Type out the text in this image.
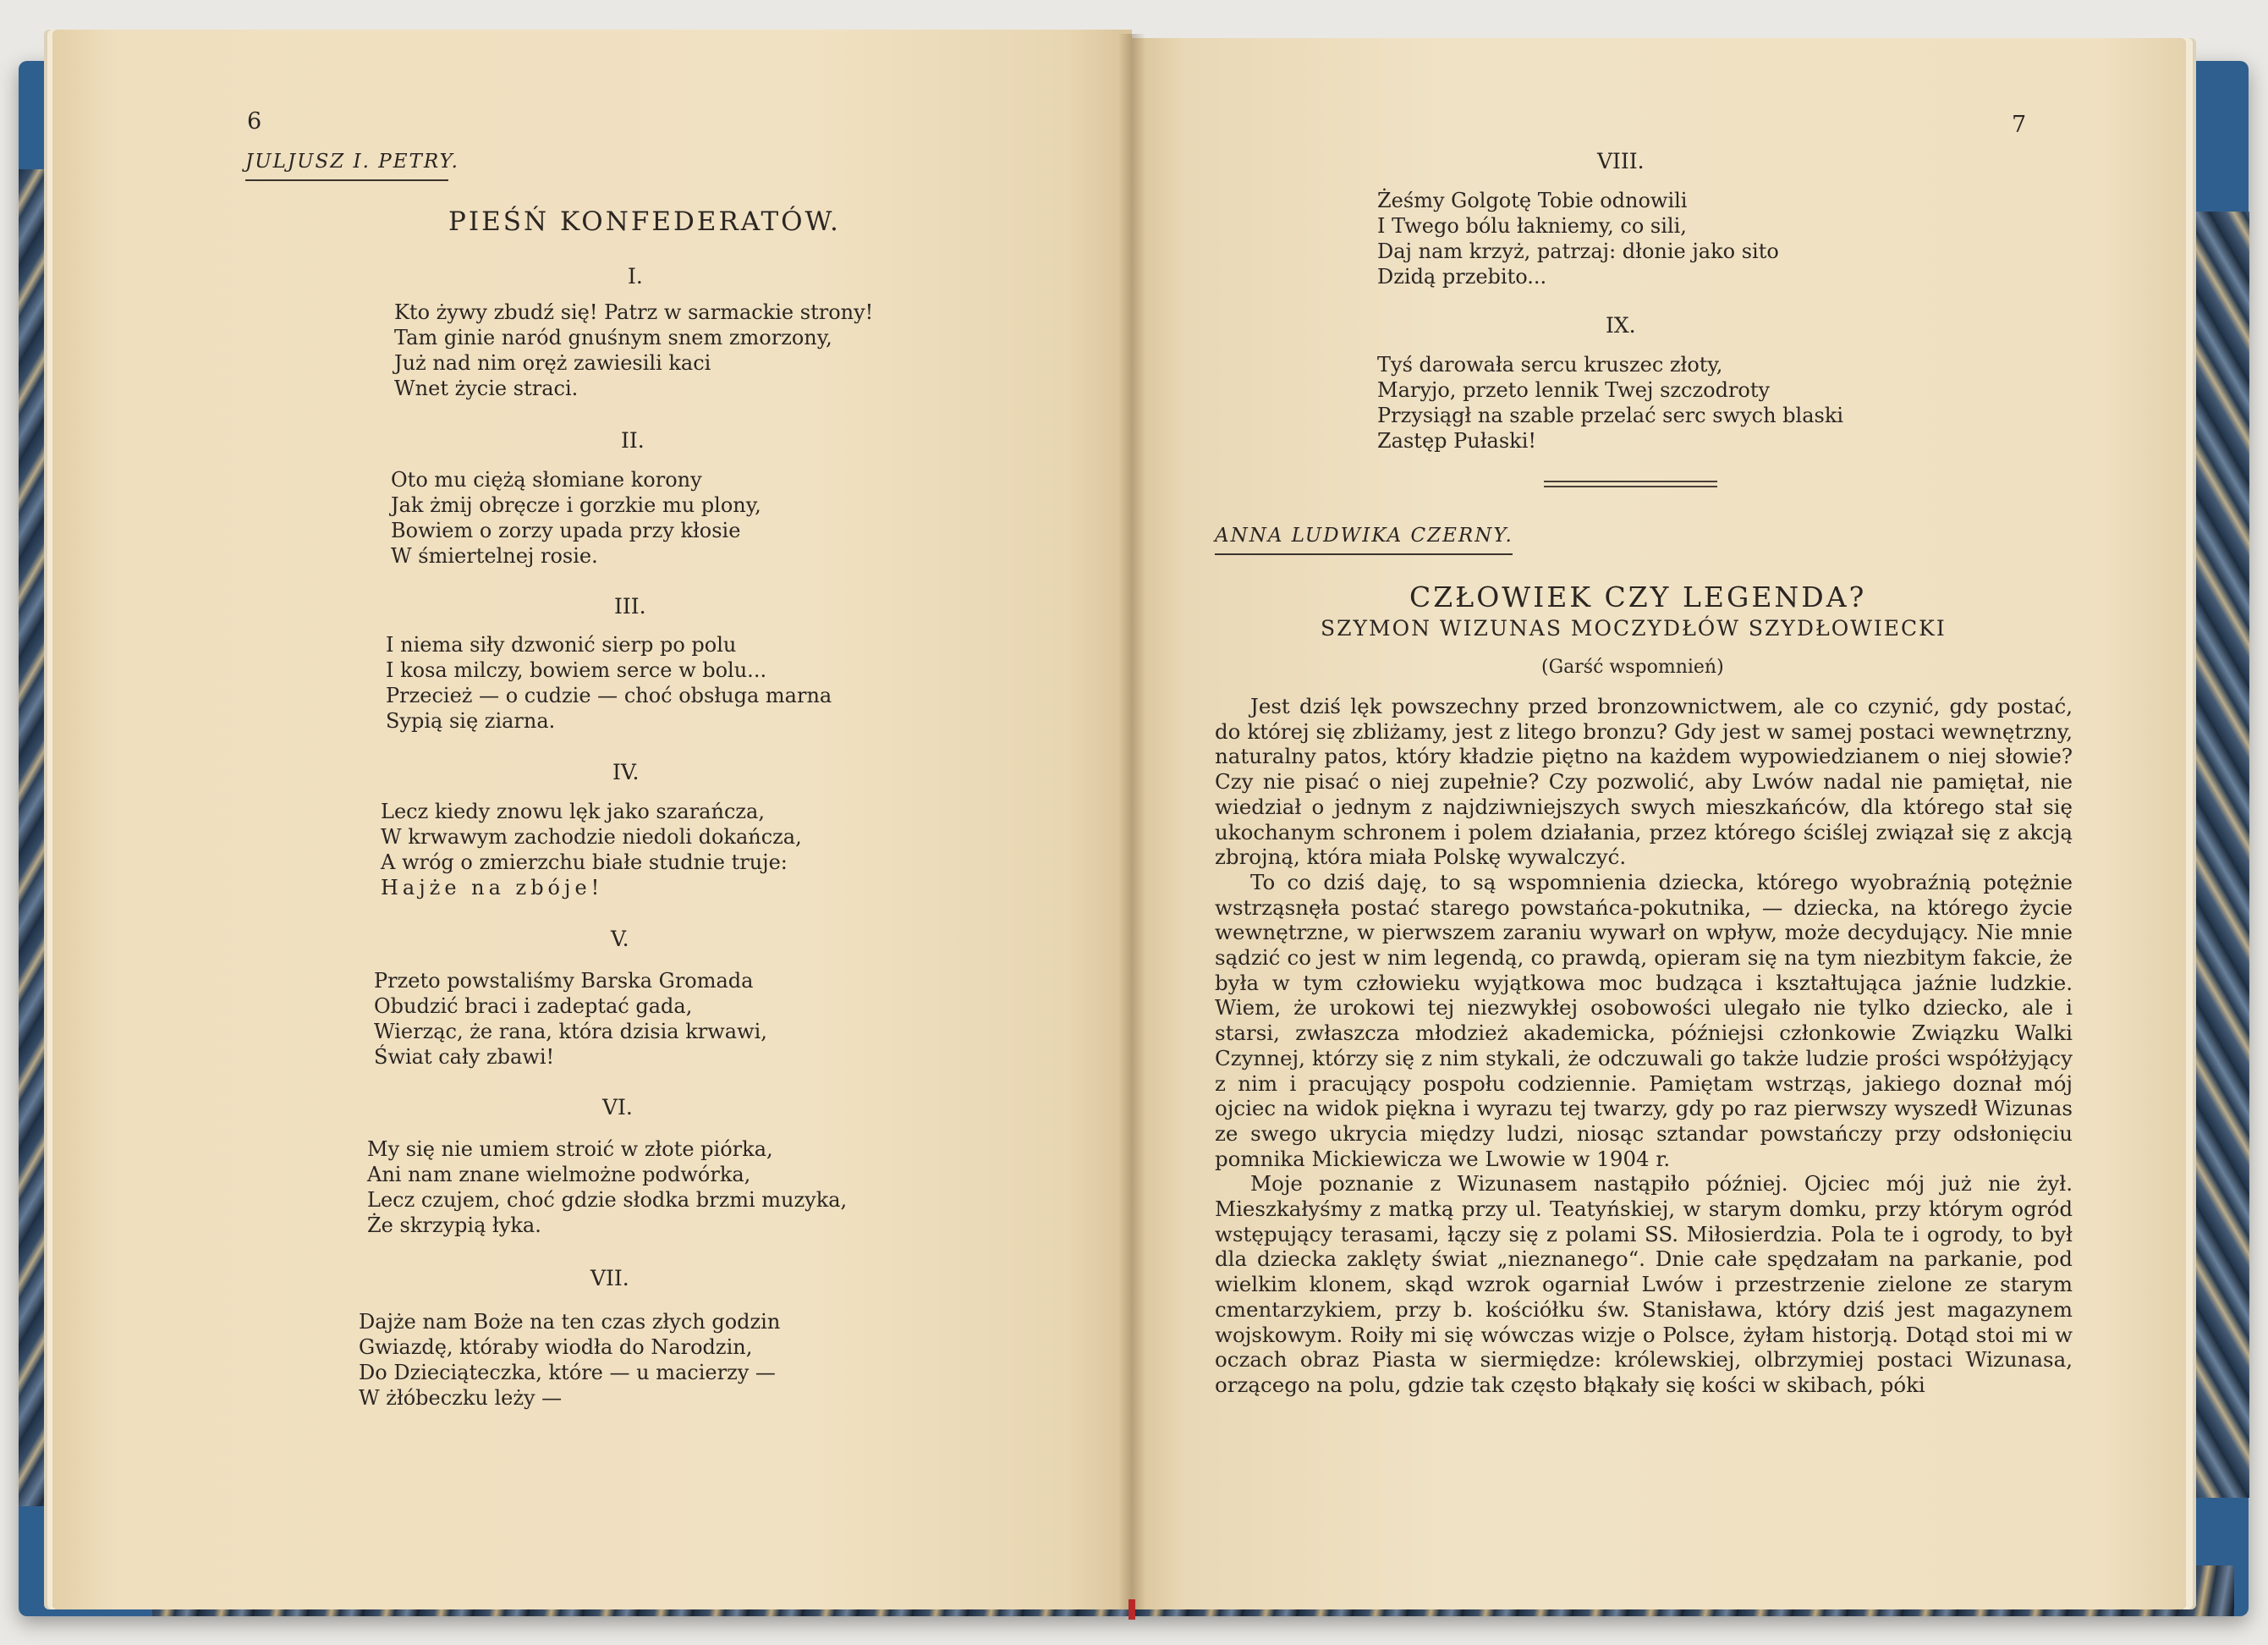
6
JULJUSZ I. PETRY.
PIEŚŃ KONFEDERATÓW.
I.
Kto żywy zbudź się! Patrz w sarmackie strony!
Tam ginie naród gnuśnym snem zmorzony,
Już nad nim oręż zawiesili kaci
Wnet życie straci.
II.
Oto mu ciężą słomiane korony
Jak żmij obręcze i gorzkie mu plony,
Bowiem o zorzy upada przy kłosie
W śmiertelnej rosie.
III.
I niema siły dzwonić sierp po polu
I kosa milczy, bowiem serce w bolu...
Przecież — o cudzie — choć obsługa marna
Sypią się ziarna.
IV.
Lecz kiedy znowu lęk jako szarańcza,
W krwawym zachodzie niedoli dokańcza,
A wróg o zmierzchu białe studnie truje:
Hajże na zbóje!
V.
Przeto powstaliśmy Barska Gromada
Obudzić braci i zadeptać gada,
Wierząc, że rana, która dzisia krwawi,
Świat cały zbawi!
VI.
My się nie umiem stroić w złote piórka,
Ani nam znane wielmożne podwórka,
Lecz czujem, choć gdzie słodka brzmi muzyka,
Że skrzypią łyka.
VII.
Dajże nam Boże na ten czas złych godzin
Gwiazdę, któraby wiodła do Narodzin,
Do Dzieciąteczka, które — u macierzy —
W żłóbeczku leży —
7
VIII.
Żeśmy Golgotę Tobie odnowili
I Twego bólu łakniemy, co sili,
Daj nam krzyż, patrzaj: dłonie jako sito
Dzidą przebito...
IX.
Tyś darowała sercu kruszec złoty,
Maryjo, przeto lennik Twej szczodroty
Przysiągł na szable przelać serc swych blaski
Zastęp Pułaski!
ANNA LUDWIKA CZERNY.
CZŁOWIEK CZY LEGENDA?
SZYMON WIZUNAS MOCZYDŁÓW SZYDŁOWIECKI
(Garść wspomnień)

Jest dziś lęk powszechny przed bronzownictwem, ale co czynić, gdy postać, do której się zbliżamy, jest z litego bronzu? Gdy jest w samej postaci wewnętrzny, naturalny patos, który kładzie piętno na każdem wypowiedzianem o niej słowie? Czy nie pisać o niej zupełnie? Czy pozwolić, aby Lwów nadal nie pamiętał, nie wiedział o jednym z najdziwniejszych swych mieszkańców, dla którego stał się ukochanym schronem i polem działania, przez którego ściślej związał się z akcją zbrojną, która miała Polskę wywalczyć.

To co dziś daję, to są wspomnienia dziecka, którego wyobraźnią potężnie wstrząsnęła postać starego powstańca-pokutnika, — dziecka, na którego życie wewnętrzne, w pierwszem zaraniu wywarł on wpływ, może decydujący. Nie mnie sądzić co jest w nim legendą, co prawdą, opieram się na tym niezbitym fakcie, że była w tym człowieku wyjątkowa moc budząca i kształtująca jaźnie ludzkie. Wiem, że urokowi tej niezwykłej osobowości ulegało nie tylko dziecko, ale i starsi, zwłaszcza młodzież akademicka, późniejsi członkowie Związku Walki Czynnej, którzy się z nim stykali, że odczuwali go także ludzie prości współżyjący z nim i pracujący pospołu codziennie. Pamiętam wstrząs, jakiego doznał mój ojciec na widok piękna i wyrazu tej twarzy, gdy po raz pierwszy wyszedł Wizunas ze swego ukrycia między ludzi, niosąc sztandar powstańczy przy odsłonięciu pomnika Mickiewicza we Lwowie w 1904 r.

Moje poznanie z Wizunasem nastąpiło później. Ojciec mój już nie żył. Mieszkałyśmy z matką przy ul. Teatyńskiej, w starym domku, przy którym ogród wstępujący terasami, łączy się z polami SS. Miłosierdzia. Pola te i ogrody, to był dla dziecka zaklęty świat „nieznanego“. Dnie całe spędzałam na parkanie, pod wielkim klonem, skąd wzrok ogarniał Lwów i przestrzenie zielone ze starym cmentarzykiem, przy b. kościółku św. Stanisława, który dziś jest magazynem wojskowym. Roiły mi się wówczas wizje o Polsce, żyłam historją. Dotąd stoi mi w oczach obraz Piasta w siermiędze: królewskiej, olbrzymiej postaci Wizunasa, orzącego na polu, gdzie tak często błąkały się kości w skibach, póki
